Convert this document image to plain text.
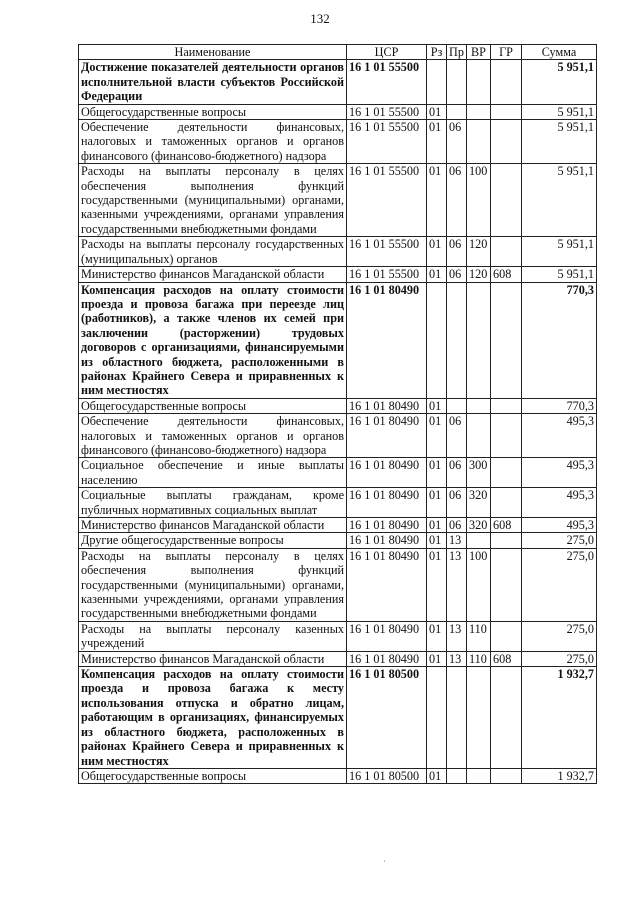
132
Наименование	ЦСР	Рз	Пр	ВР	ГР	Сумма
Достижение показателей деятельности органов исполнительной власти субъектов Российской Федерации	16 1 01 55500					5 951,1
Общегосударственные вопросы	16 1 01 55500	01				5 951,1
Обеспечение деятельности финансовых, налоговых и таможенных органов и органов финансового (финансово-бюджетного) надзора	16 1 01 55500	01	06			5 951,1
Расходы на выплаты персоналу в целях обеспечения выполнения функций государственными (муниципальными) органами, казенными учреждениями, органами управления государственными внебюджетными фондами	16 1 01 55500	01	06	100		5 951,1
Расходы на выплаты персоналу государственных (муниципальных) органов	16 1 01 55500	01	06	120		5 951,1
Министерство финансов Магаданской области	16 1 01 55500	01	06	120	608	5 951,1
Компенсация расходов на оплату стоимости проезда и провоза багажа при переезде лиц (работников), а также членов их семей при заключении (расторжении) трудовых договоров с организациями, финансируемыми из областного бюджета, расположенными в районах Крайнего Севера и приравненных к ним местностях	16 1 01 80490					770,3
Общегосударственные вопросы	16 1 01 80490	01				770,3
Обеспечение деятельности финансовых, налоговых и таможенных органов и органов финансового (финансово-бюджетного) надзора	16 1 01 80490	01	06			495,3
Социальное обеспечение и иные выплаты населению	16 1 01 80490	01	06	300		495,3
Социальные выплаты гражданам, кроме публичных нормативных социальных выплат	16 1 01 80490	01	06	320		495,3
Министерство финансов Магаданской области	16 1 01 80490	01	06	320	608	495,3
Другие общегосударственные вопросы	16 1 01 80490	01	13			275,0
Расходы на выплаты персоналу в целях обеспечения выполнения функций государственными (муниципальными) органами, казенными учреждениями, органами управления государственными внебюджетными фондами	16 1 01 80490	01	13	100		275,0
Расходы на выплаты персоналу казенных учреждений	16 1 01 80490	01	13	110		275,0
Министерство финансов Магаданской области	16 1 01 80490	01	13	110	608	275,0
Компенсация расходов на оплату стоимости проезда и провоза багажа к месту использования отпуска и обратно лицам, работающим в организациях, финансируемых из областного бюджета, расположенных в районах Крайнего Севера и приравненных к ним местностях	16 1 01 80500					1 932,7
Общегосударственные вопросы	16 1 01 80500	01				1 932,7
ˌ
